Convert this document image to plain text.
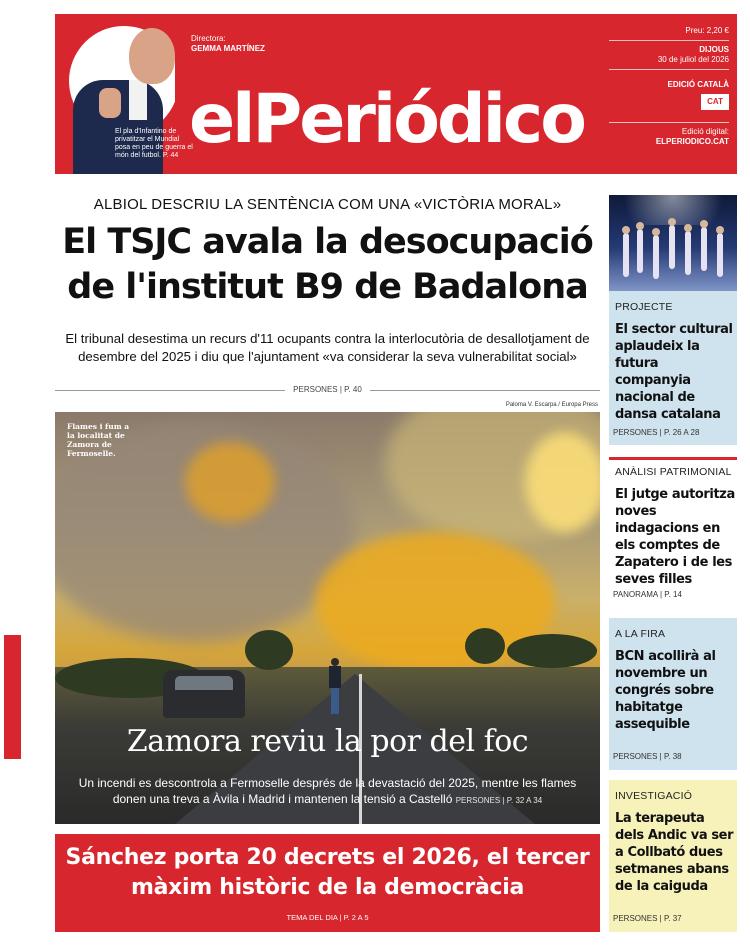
El pla d'Infantino de privatitzar el Mundial posa en peu de guerra el món del futbol. P. 44
Directora:
GEMMA MARTÍNEZ
elPeriódico
Preu: 2,20 €
DIJOUS
30 de juliol del 2026
EDICIÓ CATALÀ
CAT
Edició digital:
ELPERIODICO.CAT
ALBIOL DESCRIU LA SENTÈNCIA COM UNA «VICTÒRIA MORAL»
El TSJC avala la desocupació
de l'institut B9 de Badalona
El tribunal desestima un recurs d'11 ocupants contra la interlocutòria de desallotjament de desembre del 2025 i diu que l'ajuntament «va considerar la seva vulnerabilitat social»
PERSONES | P. 40
Paloma V. Escarpa / Europa Press
Flames i fum a la localitat de Zamora de Fermoselle.
Zamora reviu la por del foc
Un incendi es descontrola a Fermoselle després de la devastació del 2025, mentre les flames donen una treva a Àvila i Madrid i mantenen la tensió a Castelló PERSONES | P. 32 A 34
Sánchez porta 20 decrets el 2026, el tercer
màxim històric de la democràcia
TEMA DEL DIA | P. 2 A 5
PROJECTE
El sector cultural aplaudeix la futura companyia nacional de dansa catalana
PERSONES | P. 26 A 28
ANÀLISI PATRIMONIAL
El jutge autoritza noves indagacions en els comptes de Zapatero i de les seves filles
PANORAMA | P. 14
A LA FIRA
BCN acollirà al novembre un congrés sobre habitatge assequible
PERSONES | P. 38
INVESTIGACIÓ
La terapeuta dels Andic va ser a Collbató dues setmanes abans de la caiguda
PERSONES | P. 37
